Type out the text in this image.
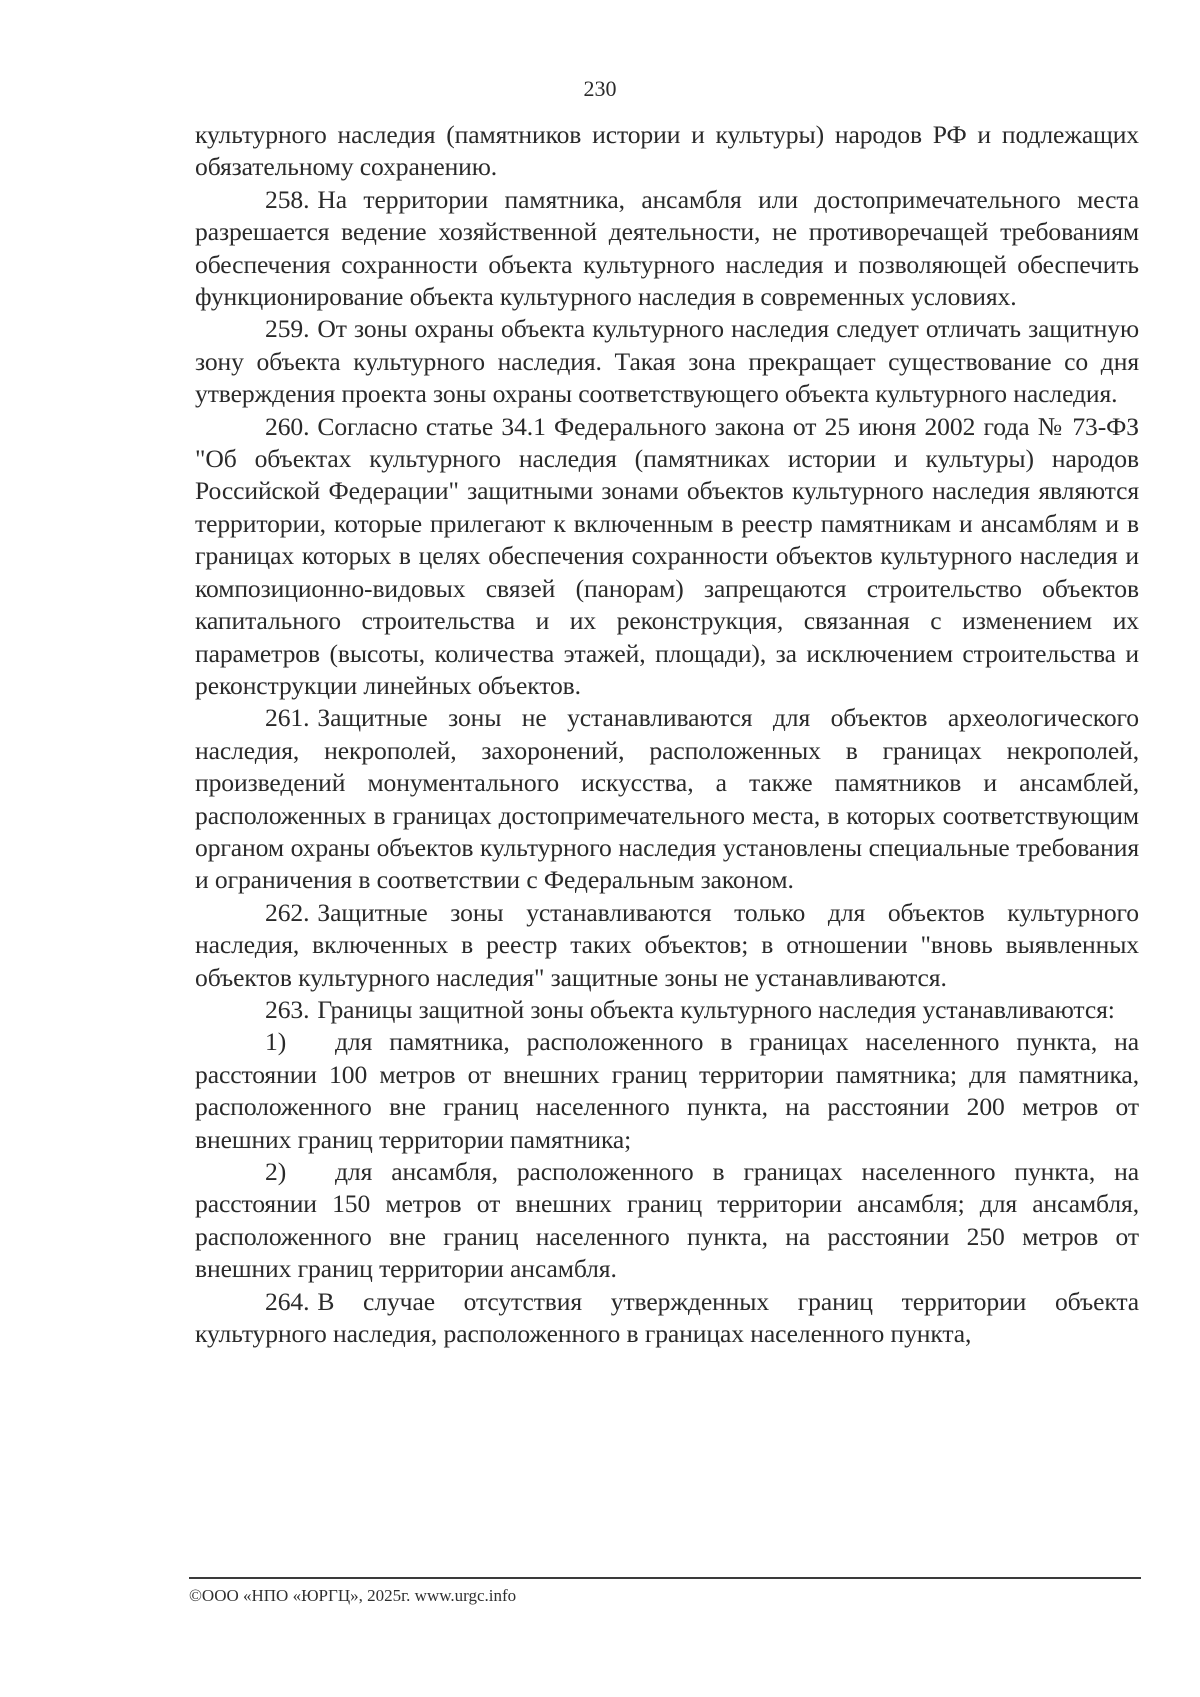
230

культурного наследия (памятников истории и культуры) народов РФ и подлежащих обязательному сохранению.

258. На территории памятника, ансамбля или достопримечательного места разрешается ведение хозяйственной деятельности, не противоречащей требованиям обеспечения сохранности объекта культурного наследия и позволяющей обеспечить функционирование объекта культурного наследия в современных условиях.

259. От зоны охраны объекта культурного наследия следует отличать защитную зону объекта культурного наследия. Такая зона прекращает существование со дня утверждения проекта зоны охраны соответствующего объекта культурного наследия.

260. Согласно статье 34.1 Федерального закона от 25 июня 2002 года № 73-ФЗ "Об объектах культурного наследия (памятниках истории и культуры) народов Российской Федерации" защитными зонами объектов культурного наследия являются территории, которые прилегают к включенным в реестр памятникам и ансамблям и в границах которых в целях обеспечения сохранности объектов культурного наследия и композиционно-видовых связей (панорам) запрещаются строительство объектов капитального строительства и их реконструкция, связанная с изменением их параметров (высоты, количества этажей, площади), за исключением строительства и реконструкции линейных объектов.

261. Защитные зоны не устанавливаются для объектов археологического наследия, некрополей, захоронений, расположенных в границах некрополей, произведений монументального искусства, а также памятников и ансамблей, расположенных в границах достопримечательного места, в которых соответствующим органом охраны объектов культурного наследия установлены специальные требования и ограничения в соответствии с Федеральным законом.

262. Защитные зоны устанавливаются только для объектов культурного наследия, включенных в реестр таких объектов; в отношении "вновь выявленных объектов культурного наследия" защитные зоны не устанавливаются.

263. Границы защитной зоны объекта культурного наследия устанавливаются:

1) для памятника, расположенного в границах населенного пункта, на расстоянии 100 метров от внешних границ территории памятника; для памятника, расположенного вне границ населенного пункта, на расстоянии 200 метров от внешних границ территории памятника;

2) для ансамбля, расположенного в границах населенного пункта, на расстоянии 150 метров от внешних границ территории ансамбля; для ансамбля, расположенного вне границ населенного пункта, на расстоянии 250 метров от внешних границ территории ансамбля.

264. В случае отсутствия утвержденных границ территории объекта культурного наследия, расположенного в границах населенного пункта,

©ООО «НПО «ЮРГЦ», 2025г. www.urgc.info
